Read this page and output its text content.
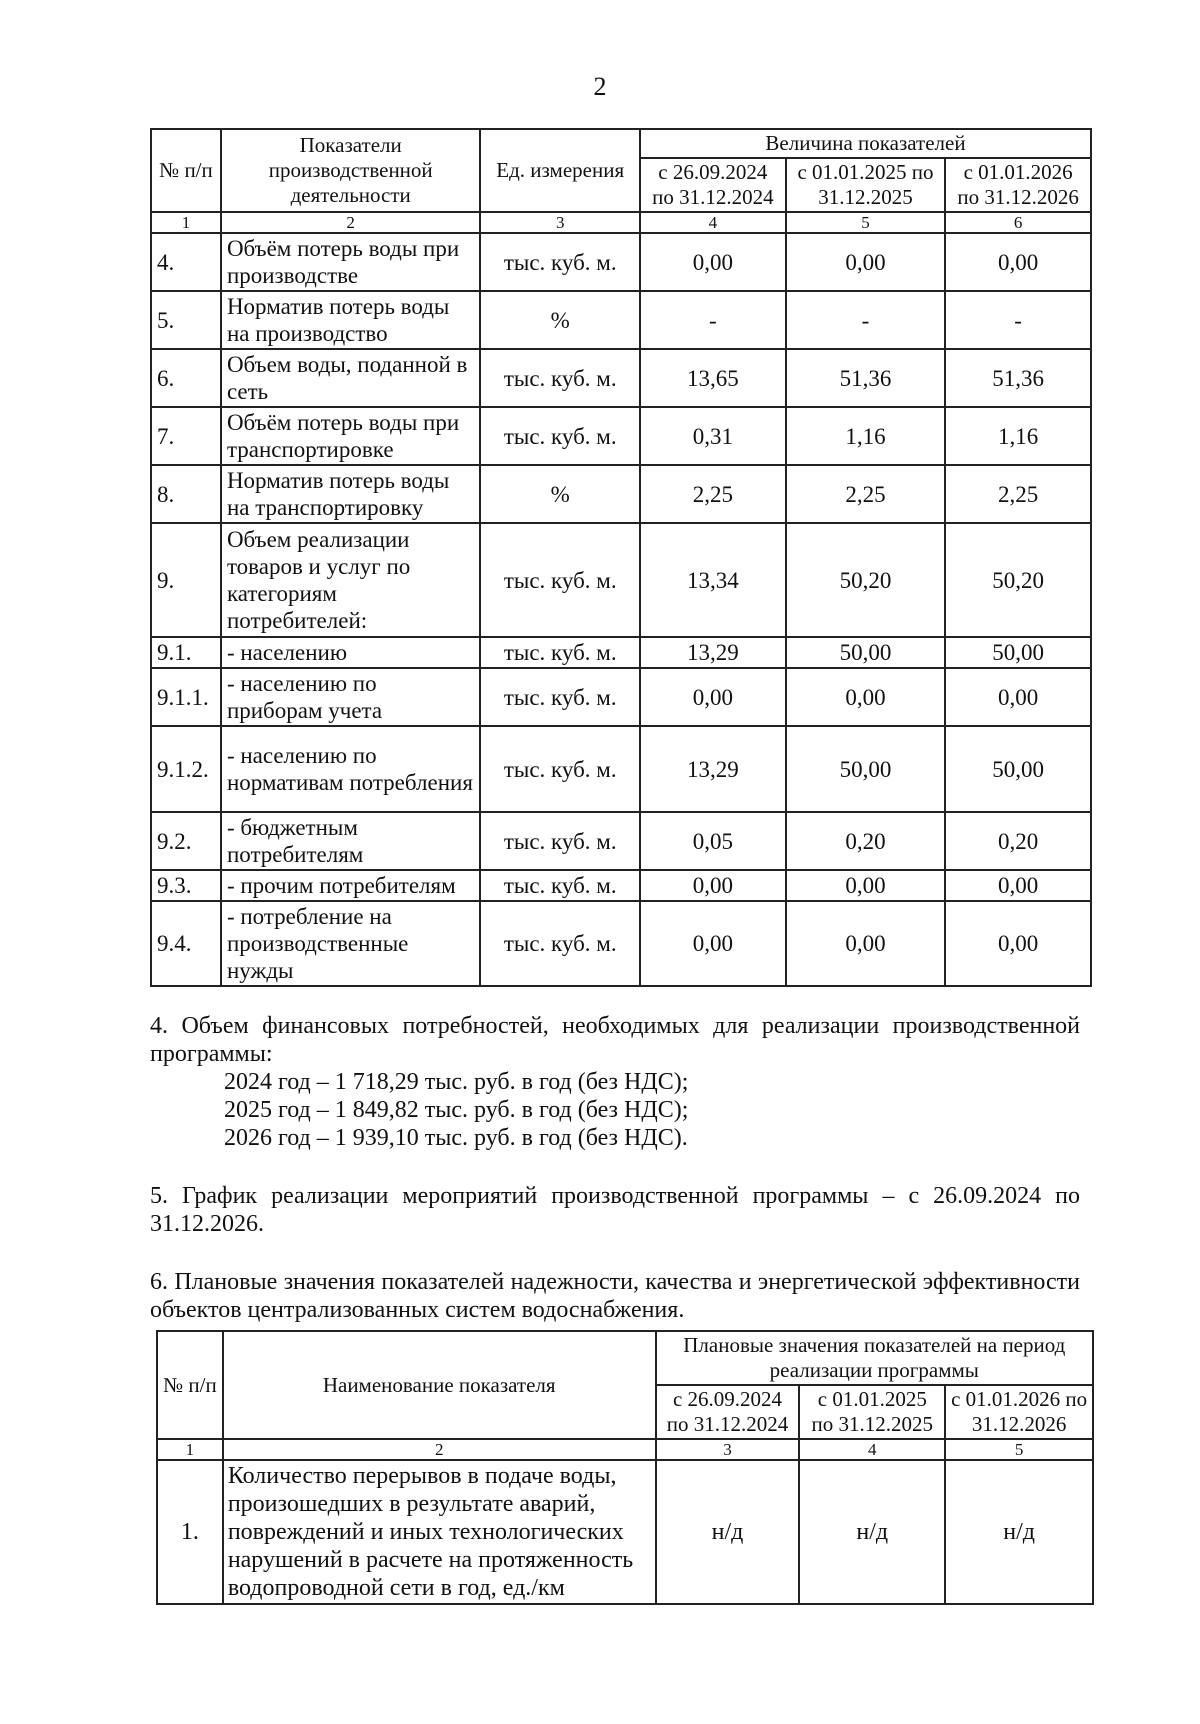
2
№ п/п	Показатели производственной деятельности	Ед. измерения	Величина показателей		
			с 26.09.2024 по 31.12.2024	с 01.01.2025 по 31.12.2025	с 01.01.2026 по 31.12.2026

1	2	3	4	5	6
4.	Объём потерь воды при производстве	тыс. куб. м.	0,00	0,00	0,00
5.	Норматив потерь воды на производство	%	-	-	-
6.	Объем воды, поданной в сеть	тыс. куб. м.	13,65	51,36	51,36
7.	Объём потерь воды при транспортировке	тыс. куб. м.	0,31	1,16	1,16
8.	Норматив потерь воды на транспортировку	%	2,25	2,25	2,25
9.	Объем реализации товаров и услуг по категориям потребителей:	тыс. куб. м.	13,34	50,20	50,20
9.1.	- населению	тыс. куб. м.	13,29	50,00	50,00
9.1.1.	- населению по приборам учета	тыс. куб. м.	0,00	0,00	0,00
9.1.2.	- населению по нормативам потребления	тыс. куб. м.	13,29	50,00	50,00
9.2.	- бюджетным потребителям	тыс. куб. м.	0,05	0,20	0,20
9.3.	- прочим потребителям	тыс. куб. м.	0,00	0,00	0,00
9.4.	- потребление на производственные нужды	тыс. куб. м.	0,00	0,00	0,00

4. Объем финансовых потребностей, необходимых для реализации производственной программы:

2024 год – 1 718,29 тыс. руб. в год (без НДС);

2025 год – 1 849,82 тыс. руб. в год (без НДС);

2026 год – 1 939,10 тыс. руб. в год (без НДС).

5. График реализации мероприятий производственной программы – с 26.09.2024 по 31.12.2026.

6. Плановые значения показателей надежности, качества и энергетической эффективности объектов централизованных систем водоснабжения.

№ п/п	Наименование показателя	Плановые значения показателей на период реализации программы		
		с 26.09.2024 по 31.12.2024	с 01.01.2025 по 31.12.2025	с 01.01.2026 по 31.12.2026
1	2	3	4	5
1.	Количество перерывов в подаче воды, произошедших в результате аварий, повреждений и иных технологических нарушений в расчете на протяженность водопроводной сети в год, ед./км	н/д	н/д	н/д
